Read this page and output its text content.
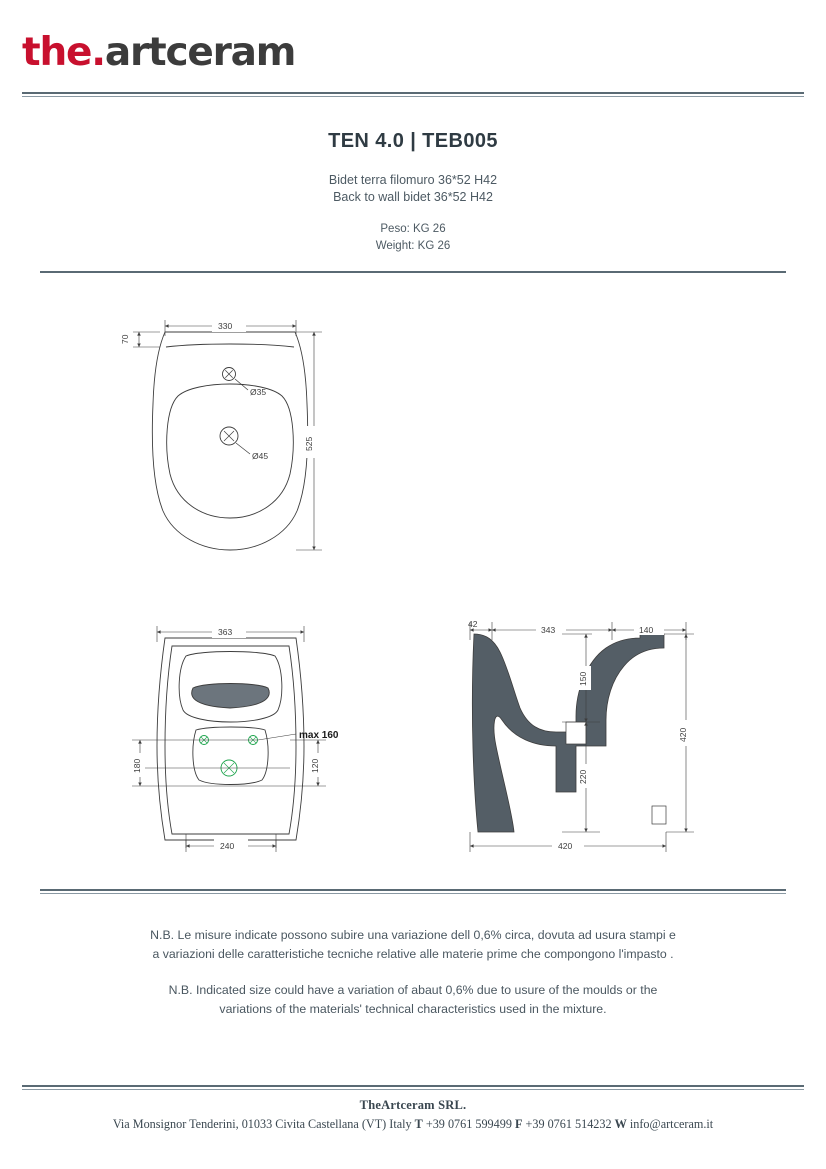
the.artceram
TEN 4.0 | TEB005
Bidet terra filomuro 36*52 H42
Back to wall bidet 36*52 H42
Peso: KG 26
Weight: KG 26
Ø35
Ø45
330
70
525
max 160
363
240
180	120
42
343	140
150
220
420
420
N.B. Le misure indicate possono subire una variazione dell 0,6% circa, dovuta ad usura stampi e
a variazioni delle caratteristiche tecniche relative alle materie prime che compongono l'impasto .
N.B. Indicated size could have a variation of abaut 0,6% due to usure of the moulds or the
variations of the materials' technical characteristics used in the mixture.
TheArtceram SRL.
Via Monsignor Tenderini, 01033 Civita Castellana (VT) Italy T +39 0761 599499 F +39 0761 514232 W info@artceram.it
